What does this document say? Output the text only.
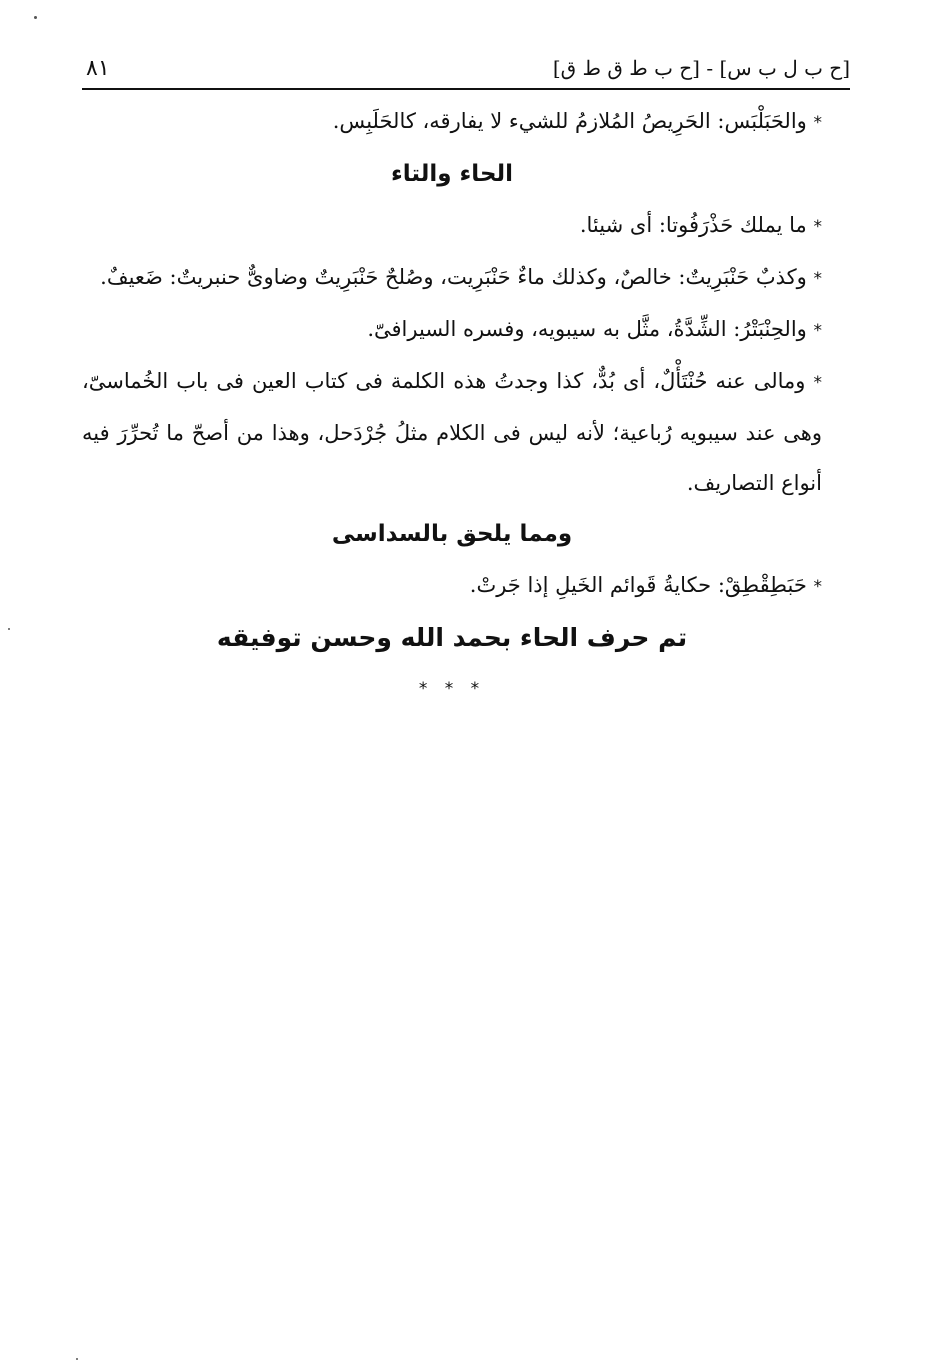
٨١	[ح ب ل ب س] - [ح ب ط ق ط ق]

* والحَبَلْبَس: الحَرِيصُ المُلازمُ للشيء لا يفارقه، كالحَلَبِس.

الحاء والتاء

* ما يملك حَذْرَفُوتا: أى شيئا.

* وكذبٌ حَنْبَرِيتٌ: خالصٌ، وكذلك ماءٌ حَنْبَرِيت، وصُلحٌ حَنْبَرِيتٌ وضاوىٌّ حنبريتٌ: ضَعيفٌ.

* والحِنْبَتْرُ: الشِّدَّةُ، مثَّل به سيبويه، وفسره السيرافىّ.

* ومالى عنه حُنْتَأْلٌ، أى بُدٌّ، كذا وجدتُ هذه الكلمة فى كتاب العين فى باب الخُماسىّ، وهى عند سيبويه رُباعية؛ لأنه ليس فى الكلام مثلُ جُرْدَحل، وهذا من أصحّ ما تُحرِّرَ فيه أنواع التصاريف.

ومما يلحق بالسداسى

* حَبَطِقْطِقْ: حكايةُ قَوائم الخَيلِ إذا جَرتْ.

تم حرف الحاء بحمد الله وحسن توفيقه

* * *
